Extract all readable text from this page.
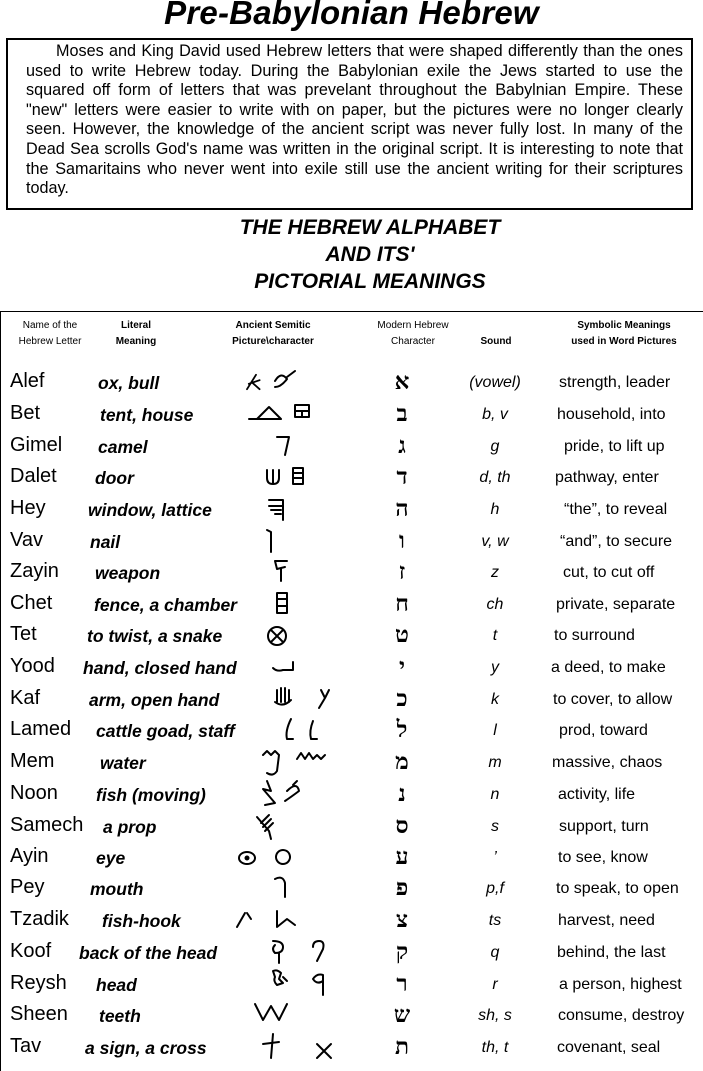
Pre-Babylonian Hebrew

Moses and King David used Hebrew letters that were shaped differently than the ones used to write Hebrew today. During the Babylonian exile the Jews started to use the squared off form of letters that was prevelant throughout the Babylnian Empire. These "new" letters were easier to write with on paper, but the pictures were no longer clearly seen. However, the knowledge of the ancient script was never fully lost. In many of the Dead Sea scrolls God's name was written in the original script. It is interesting to note that the Samaritains who never went into exile still use the ancient writing for their scriptures today.

THE HEBREW ALPHABET
AND ITS'
PICTORIAL MEANINGS
Name of the
Hebrew Letter
Literal
Meaning
Ancient Semitic
Picture\character
Modern Hebrew
Character	Sound
Symbolic Meanings
used in Word Pictures
Alef	ox, bull	א	(vowel)	strength, leader
Bet	tent, house	ב	b, v	household, into
Gimel camel	ג	g	pride, to lift up
Dalet door	ד	d, th	pathway, enter
Hey window, lattice	ה	h	“the”, to reveal
Vav	nail	ו	v, w	“and”, to secure
Zayin weapon	ז	z	cut, to cut off
Chet fence, a chamber	ח	ch	private, separate
Tet	to twist, a snake	ט	t	to surround
Yood hand, closed hand	י	y	a deed, to make
Kaf	arm, open hand	כ	k	to cover, to allow
Lamed cattle goad, staff	ל	l	prod, toward
Mem	water	מ	m	massive, chaos
Noon fish (moving)	נ	n	activity, life
Samech a prop	ס	s	support, turn
Ayin	eye	ע	’	to see, know
Pey	mouth	פ	p,f	to speak, to open
Tzadik fish-hook	צ	ts	harvest, need
Koof back of the head	ק	q	behind, the last
Reysh head	ר	r	a person, highest
Sheen teeth	ש	sh, s	consume, destroy
Tav	a sign, a cross	ת	th, t	covenant, seal
